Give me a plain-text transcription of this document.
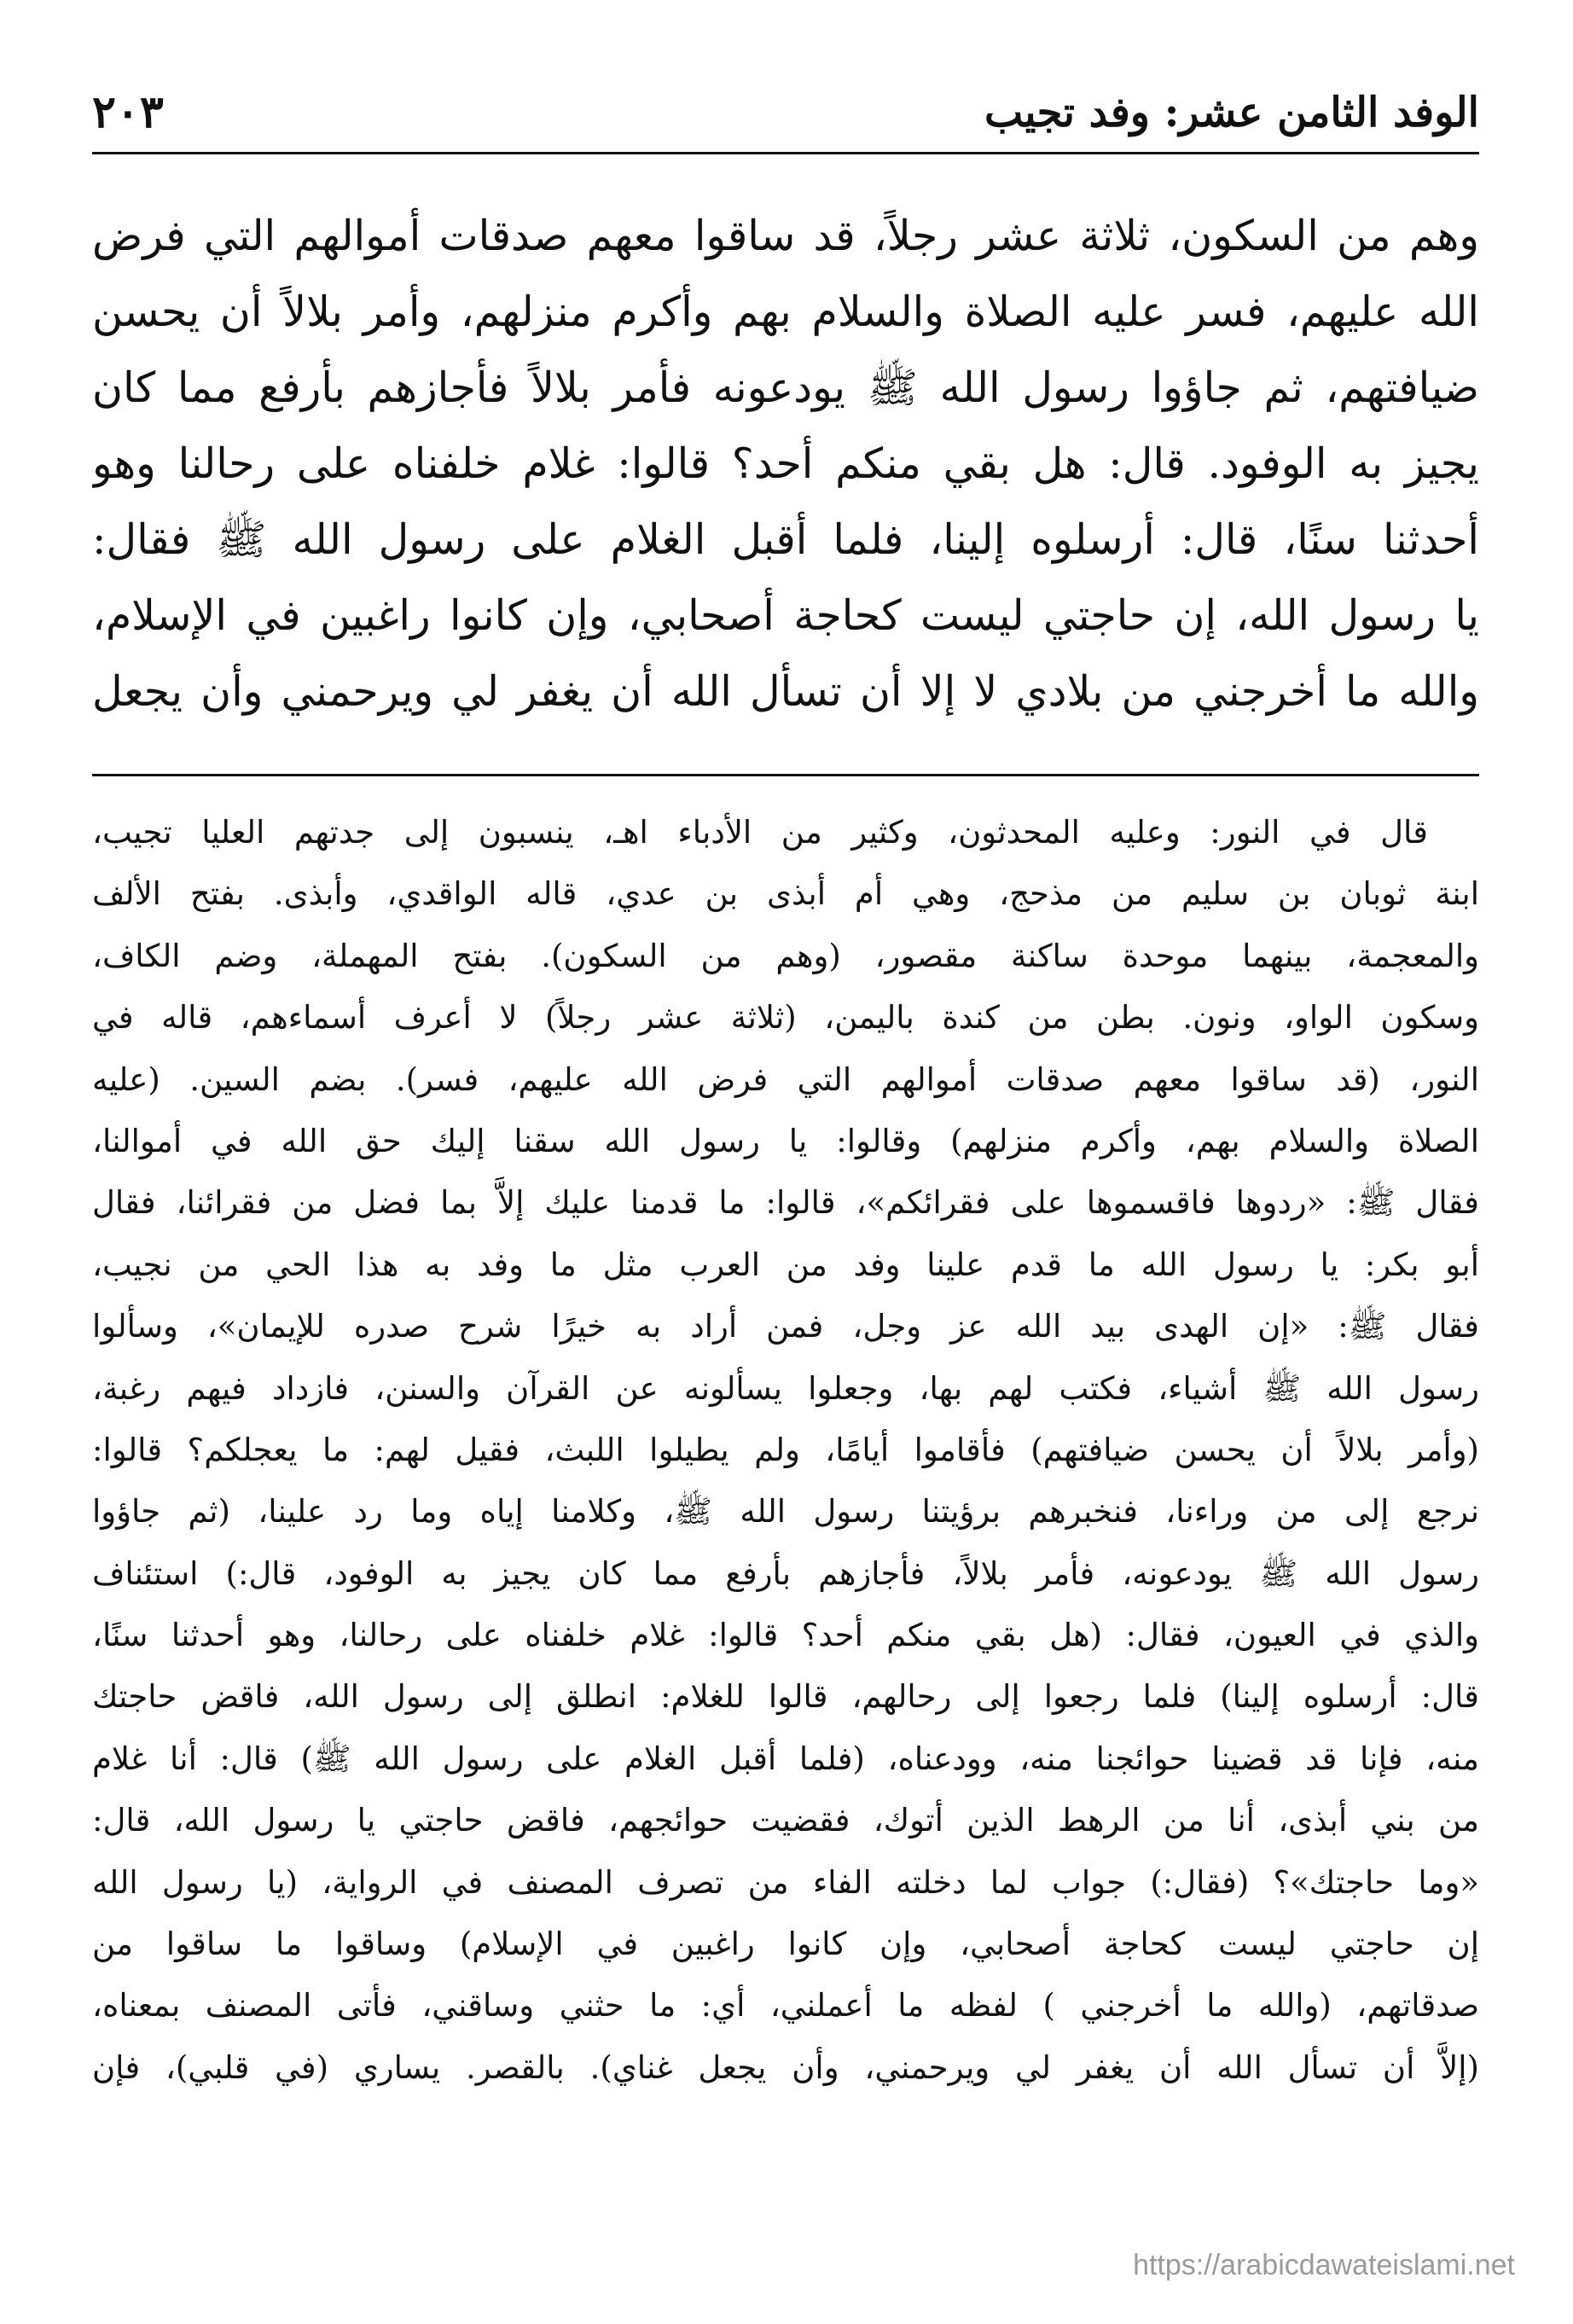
الوفد الثامن عشر: وفد تجيب
٢٠٣
وهم من السكون، ثلاثة عشر رجلاً، قد ساقوا معهم صدقات أموالهم التي فرض
الله عليهم، فسر عليه الصلاة والسلام بهم وأكرم منزلهم، وأمر بلالاً أن يحسن
ضيافتهم، ثم جاؤوا رسول الله ﷺ يودعونه فأمر بلالاً فأجازهم بأرفع مما كان
يجيز به الوفود. قال: هل بقي منكم أحد؟ قالوا: غلام خلفناه على رحالنا وهو
أحدثنا سنًا، قال: أرسلوه إلينا، فلما أقبل الغلام على رسول الله ﷺ فقال:
يا رسول الله، إن حاجتي ليست كحاجة أصحابي، وإن كانوا راغبين في الإسلام،
والله ما أخرجني من بلادي لا إلا أن تسأل الله أن يغفر لي ويرحمني وأن يجعل
قال في النور: وعليه المحدثون، وكثير من الأدباء اهـ، ينسبون إلى جدتهم العليا تجيب،
ابنة ثوبان بن سليم من مذحج، وهي أم أبذى بن عدي، قاله الواقدي، وأبذى. بفتح الألف
والمعجمة، بينهما موحدة ساكنة مقصور، (وهم من السكون). بفتح المهملة، وضم الكاف،
وسكون الواو، ونون. بطن من كندة باليمن، (ثلاثة عشر رجلاً) لا أعرف أسماءهم، قاله في
النور، (قد ساقوا معهم صدقات أموالهم التي فرض الله عليهم، فسر). بضم السين. (عليه
الصلاة والسلام بهم، وأكرم منزلهم) وقالوا: يا رسول الله سقنا إليك حق الله في أموالنا،
فقال ﷺ: «ردوها فاقسموها على فقرائكم»، قالوا: ما قدمنا عليك إلاَّ بما فضل من فقرائنا، فقال
أبو بكر: يا رسول الله ما قدم علينا وفد من العرب مثل ما وفد به هذا الحي من نجيب،
فقال ﷺ: «إن الهدى بيد الله عز وجل، فمن أراد به خيرًا شرح صدره للإيمان»، وسألوا
رسول الله ﷺ أشياء، فكتب لهم بها، وجعلوا يسألونه عن القرآن والسنن، فازداد فيهم رغبة،
(وأمر بلالاً أن يحسن ضيافتهم) فأقاموا أيامًا، ولم يطيلوا اللبث، فقيل لهم: ما يعجلكم؟ قالوا:
نرجع إلى من وراءنا، فنخبرهم برؤيتنا رسول الله ﷺ، وكلامنا إياه وما رد علينا، (ثم جاؤوا
رسول الله ﷺ يودعونه، فأمر بلالاً، فأجازهم بأرفع مما كان يجيز به الوفود، قال:) استئناف
والذي في العيون، فقال: (هل بقي منكم أحد؟ قالوا: غلام خلفناه على رحالنا، وهو أحدثنا سنًا،
قال: أرسلوه إلينا) فلما رجعوا إلى رحالهم، قالوا للغلام: انطلق إلى رسول الله، فاقض حاجتك
منه، فإنا قد قضينا حوائجنا منه، وودعناه، (فلما أقبل الغلام على رسول الله ﷺ) قال: أنا غلام
من بني أبذى، أنا من الرهط الذين أتوك، فقضيت حوائجهم، فاقض حاجتي يا رسول الله، قال:
«وما حاجتك»؟ (فقال:) جواب لما دخلته الفاء من تصرف المصنف في الرواية، (يا رسول الله
إن حاجتي ليست كحاجة أصحابي، وإن كانوا راغبين في الإسلام) وساقوا ما ساقوا من
صدقاتهم، (والله ما أخرجني ) لفظه ما أعملني، أي: ما حثني وساقني، فأتى المصنف بمعناه،
(إلاَّ أن تسأل الله أن يغفر لي ويرحمني، وأن يجعل غناي). بالقصر. يساري (في قلبي)، فإن
https://arabicdawateislami.net
